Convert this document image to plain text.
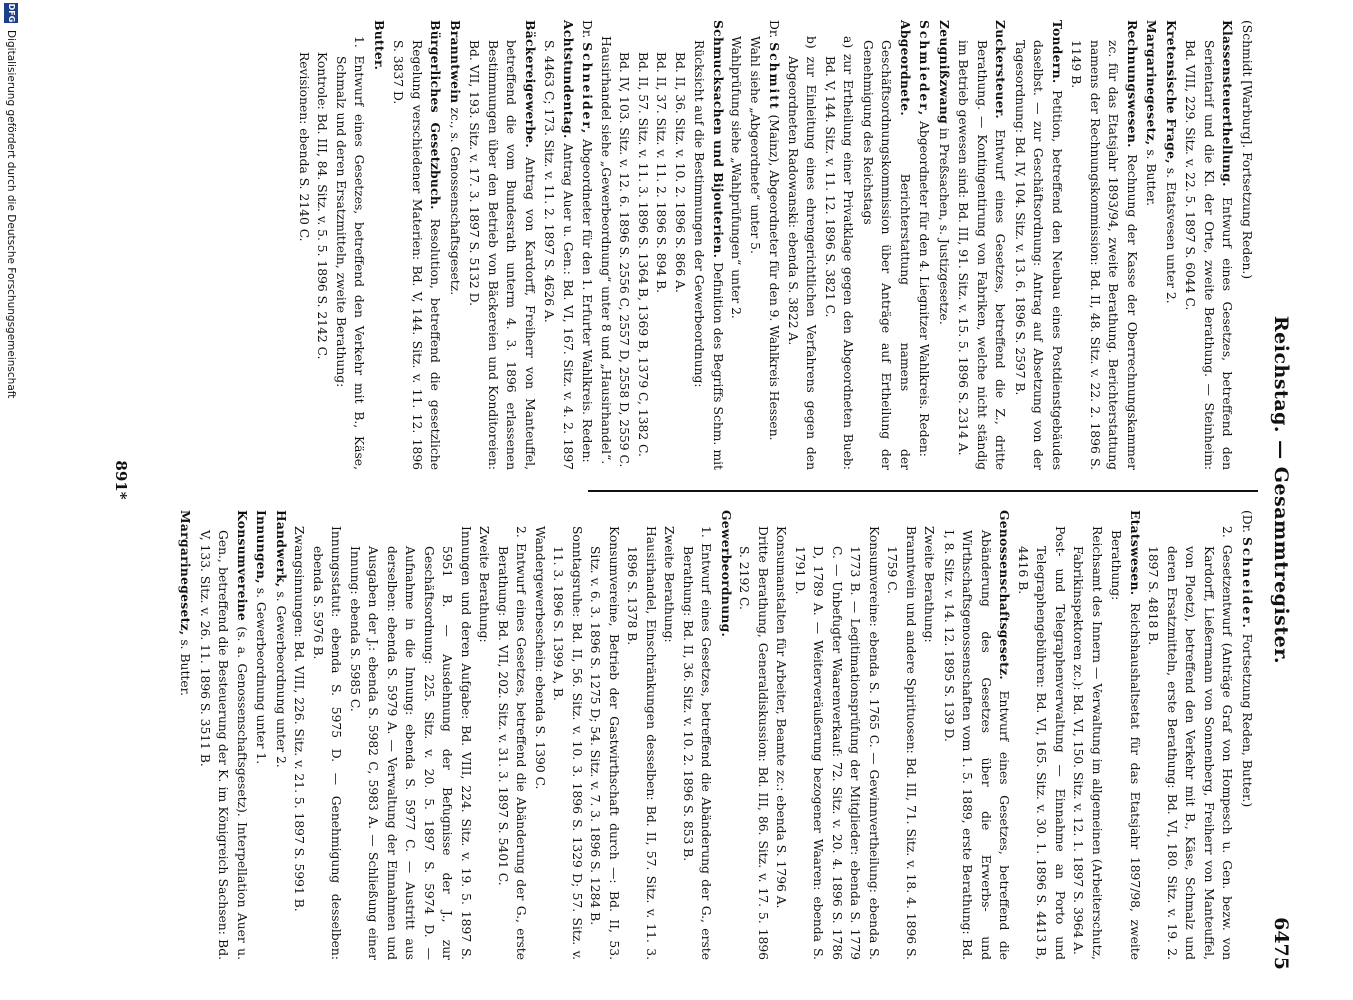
Reichstag. — Gesammtregister.
6475

(Schmidt [Warburg]. Fortsetzung Reden.)

Klassensteuerthellung. Entwurf eines Gesetzes, betreffend den Serientarif und die Kl. der Orte, zweite Berathung. — Steinheim: Bd. VIII, 229. Sitz. v. 22. 5. 1897 S. 6044 C.

Kretensische Frage, s. Etatsvesen unter 2.

Margarinegesetz, s. Butter.

Rechnungswesen. Rechnung der Kasse der Oberrechnungskammer zc. für das Etatsjahr 1893/94, zweite Berathung. Berichterstattung namens der Rechnungskommission: Bd. II, 48. Sitz. v. 22. 2. 1896 S. 1149 B.

Tondern. Petition, betreffend den Neubau eines Postdienstgebäudes daselbst. — zur Geschäftsordnung: Antrag auf Absetzung von der Tagesordnung: Bd. IV, 104. Sitz. v. 13. 6. 1896 S. 2597 B.

Zuckersteuer. Entwurf eines Gesetzes, betreffend die Z., dritte Berathung. — Kontingentirung von Fabriken, welche nicht ständig im Betrieb gewesen sind: Bd. III, 91. Sitz. v. 15. 5. 1896 S. 2314 A.

Zeugnißzwang in Preßsachen, s. Justizgesetze.

Schmieder, Abgeordneter für den 4. Liegnitzer Wahlkreis. Reden:

Abgeordnete. Berichterstattung namens der Geschäftsordnungskommission über Anträge auf Ertheilung der Genehmigung des Reichstags

a) zur Ertheilung einer Privatklage gegen den Abgeordneten Bueb: Bd. V, 144. Sitz. v. 11. 12. 1896 S. 3821 C.

b) zur Einleitung eines ehrengerichtlichen Verfahrens gegen den Abgeordneten Radowanski: ebenda S. 3822 A.

Dr. Schmitt (Mainz), Abgeordneter für den 9. Wahlkreis Hessen.

Wahl siehe „Abgeordnete“ unter 5.

Wahlprüfung siehe „Wahlprüfungen“ unter 2.

Schmucksachen und Bijouterien. Definition des Begriffs Schm. mit Rücksicht auf die Bestimmungen der Gewerbeordnung:

Bd. II, 36. Sitz. v. 10. 2. 1896 S. 866 A.

Bd. II, 37. Sitz. v. 11. 2. 1896 S. 894 B.

Bd. II, 57. Sitz. v. 11. 3. 1896 S. 1364 B, 1369 B, 1379 C, 1382 C.

Bd. IV, 103. Sitz. v. 12. 6. 1896 S. 2556 C, 2557 D, 2558 D, 2559 C.

Hausirhandel siehe „Gewerbeordnung“ unter 8 und „Hausirhandel“.

Dr. Schneider, Abgeordneter für den 1. Erfurter Wahlkreis. Reden:

Achtstundentag. Antrag Auer u. Gen.: Bd. VI, 167. Sitz. v. 4. 2. 1897 S. 4463 C; 173. Sitz. v. 11. 2. 1897 S. 4626 A.

Bäckereigewerbe. Antrag von Kardorff, Freiherr von Manteuffel, betreffend die vom Bundesrath unterm 4. 3. 1896 erlassenen Bestimmungen über den Betrieb von Bäckereien und Konditoreien: Bd. VII, 193. Sitz. v. 17. 3. 1897 S. 5132 D.

Branntwein zc., s. Genossenschaftsgesetz.

Bürgerliches Gesetzbuch. Resolution, betreffend die gesetzliche Regelung verschiedener Materien: Bd. V, 144. Sitz. v. 11. 12. 1896 S. 3837 D.

Butter.

1. Entwurf eines Gesetzes, betreffend den Verkehr mit B., Käse, Schmalz und deren Ersatzmitteln, zweite Berathung:

Kontrole: Bd. III, 84. Sitz. v. 5. 5. 1896 S. 2142 C.

Revisionen: ebenda S. 2140 C.

(Dr. Schneider. Fortsetzung Reden, Butter.)

2. Gesetzentwurf (Anträge Graf von Hompesch u. Gen. bezw. von Kardorff, Ließermann von Sonnenberg, Freiherr von Manteuffel, von Ploetz), betreffend den Verkehr mit B., Käse, Schmalz und deren Ersatzmitteln, erste Berathung: Bd. VI, 180. Sitz. v. 19. 2. 1897 S. 4818 B.

Etatswesen. Reichshaushaltsetat für das Etatsjahr 1897/98, zweite Berathung:

Reichsamt des Innern — Verwaltung im allgemeinen (Arbeiterschutz, Fabrikinspektoren zc.): Bd. VI, 150. Sitz. v. 12. 1. 1897 S. 3964 A.

Post- und Telegraphenverwaltung — Einnahme an Porto und Telegraphengebühren: Bd. VI, 165. Sitz. v. 30. 1. 1896 S. 4413 B, 4416 B.

Genossenschaftsgesetz. Entwurf eines Gesetzes, betreffend die Abänderung des Gesetzes über die Erwerbs- und Wirthschaftsgenossenschaften vom 1. 5. 1889, erste Berathung: Bd. I, 8. Sitz. v. 14. 12. 1895 S. 139 D.

Zweite Berathung:

Branntwein und andere Spirituosen: Bd. III, 71. Sitz. v. 18. 4. 1896 S. 1759 C.

Konsumvereine: ebenda S. 1765 C. — Gewinnvertheilung: ebenda S. 1773 B. — Legitimationsprüfung der Mitglieder: ebenda S. 1779 C. — Unbefugter Waarenverkauf: 72. Sitz. v. 20. 4. 1896 S. 1786 D, 1789 A. — Weiterveräußerung bezogener Waaren: ebenda S. 1791 D.

Konsumanstalten für Arbeiter, Beamte zc.: ebenda S. 1796 A.

Dritte Berathung, Generaldiskussion: Bd. III, 86. Sitz. v. 17. 5. 1896 S. 2192 C.

Gewerbeordnung.

1. Entwurf eines Gesetzes, betreffend die Abänderung der G., erste Berathung: Bd. II, 36. Sitz. v. 10. 2. 1896 S. 853 B.

Zweite Berathung:

Hausirhandel, Einschränkungen desselben: Bd. II, 57. Sitz. v. 11. 3. 1896 S. 1378 B.

Konsumvereine, Betrieb der Gastwirthschaft durch —: Bd. II, 53. Sitz. v. 6. 3. 1896 S. 1275 D; 54. Sitz. v. 7. 3. 1896 S. 1284 B.

Sonntagsruhe: Bd. II, 56. Sitz. v. 10. 3. 1896 S. 1329 D; 57. Sitz. v. 11. 3. 1896 S. 1399 A, B.

Wandergewerbeschein: ebenda S. 1390 C.

2. Entwurf eines Gesetzes, betreffend die Abänderung der G., erste Berathung: Bd. VII, 202. Sitz. v. 31. 3. 1897 S. 5401 C.

Zweite Berathung:

Innungen und deren Aufgabe: Bd. VIII, 224. Sitz. v. 19. 5. 1897 S. 5951 B. — Ausdehnung der Befugnisse der J., zur Geschäftsordnung: 225. Sitz. v. 20. 5. 1897 S. 5974 D. — Aufnahme in die Innung: ebenda S. 5977 C. — Austritt aus derselben: ebenda S. 5979 A. — Verwaltung der Einnahmen und Ausgaben der J.: ebenda S. 5982 C, 5983 A. — Schließung einer Innung: ebenda S. 5985 C.

Innungsstatut: ebenda S. 5975 D. — Genehmigung desselben: ebenda S. 5976 B.

Zwangsinnungen: Bd. VIII, 226. Sitz. v. 21. 5. 1897 S. 5991 B.

Handwerk, s. Gewerbeordnung unter 2.

Innungen, s. Gewerbeordnung unter 1.

Konsumvereine (s. a. Genossenschaftsgesetz). Interpellation Auer u. Gen., betreffend die Besteuerung der K. im Königreich Sachsen: Bd. V, 133. Sitz. v. 26. 11. 1896 S. 3511 B.

Margarinegesetz, s. Butter.

891*
DFG
Digitalisierung gefördert durch die Deutsche Forschungsgemeinschaft
